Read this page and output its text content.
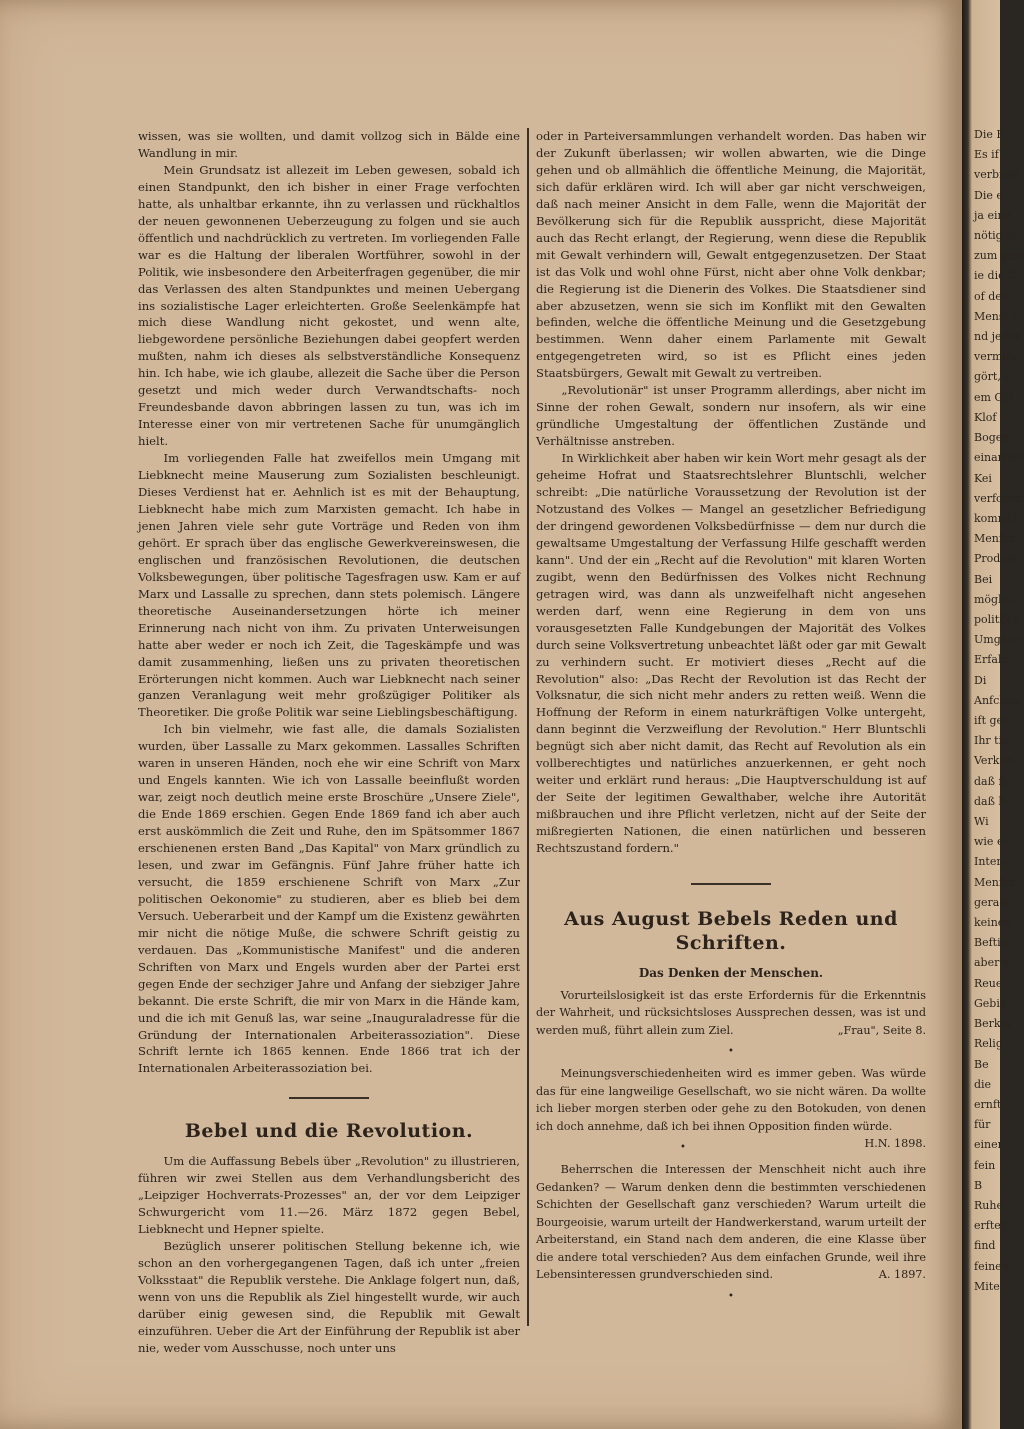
wissen, was sie wollten, und damit vollzog sich in Bälde eine Wandlung in mir.

Mein Grundsatz ist allezeit im Leben gewesen, sobald ich einen Standpunkt, den ich bisher in einer Frage verfochten hatte, als unhaltbar erkannte, ihn zu verlassen und rückhaltlos der neuen gewonnenen Ueberzeugung zu folgen und sie auch öffentlich und nachdrücklich zu vertreten. Im vorliegenden Falle war es die Haltung der liberalen Wortführer, sowohl in der Politik, wie insbesondere den Arbeiterfragen gegenüber, die mir das Verlassen des alten Standpunktes und meinen Uebergang ins sozialistische Lager erleichterten. Große Seelenkämpfe hat mich diese Wandlung nicht gekostet, und wenn alte, liebgewordene persönliche Beziehungen dabei geopfert werden mußten, nahm ich dieses als selbstverständliche Konsequenz hin. Ich habe, wie ich glaube, allezeit die Sache über die Person gesetzt und mich weder durch Verwandtschafts- noch Freundesbande davon abbringen lassen zu tun, was ich im Interesse einer von mir vertretenen Sache für unumgänglich hielt.

Im vorliegenden Falle hat zweifellos mein Umgang mit Liebknecht meine Mauserung zum Sozialisten beschleunigt. Dieses Verdienst hat er. Aehnlich ist es mit der Behauptung, Liebknecht habe mich zum Marxisten gemacht. Ich habe in jenen Jahren viele sehr gute Vorträge und Reden von ihm gehört. Er sprach über das englische Gewerkvereinswesen, die englischen und französischen Revolutionen, die deutschen Volksbewegungen, über politische Tagesfragen usw. Kam er auf Marx und Lassalle zu sprechen, dann stets polemisch. Längere theoretische Auseinandersetzungen hörte ich meiner Erinnerung nach nicht von ihm. Zu privaten Unterweisungen hatte aber weder er noch ich Zeit, die Tageskämpfe und was damit zusammenhing, ließen uns zu privaten theoretischen Erörterungen nicht kommen. Auch war Liebknecht nach seiner ganzen Veranlagung weit mehr großzügiger Politiker als Theoretiker. Die große Politik war seine Lieblingsbeschäftigung.

Ich bin vielmehr, wie fast alle, die damals Sozialisten wurden, über Lassalle zu Marx gekommen. Lassalles Schriften waren in unseren Händen, noch ehe wir eine Schrift von Marx und Engels kannten. Wie ich von Lassalle beeinflußt worden war, zeigt noch deutlich meine erste Broschüre „Unsere Ziele", die Ende 1869 erschien. Gegen Ende 1869 fand ich aber auch erst auskömmlich die Zeit und Ruhe, den im Spätsommer 1867 erschienenen ersten Band „Das Kapital" von Marx gründlich zu lesen, und zwar im Gefängnis. Fünf Jahre früher hatte ich versucht, die 1859 erschienene Schrift von Marx „Zur politischen Oekonomie" zu studieren, aber es blieb bei dem Versuch. Ueberarbeit und der Kampf um die Existenz gewährten mir nicht die nötige Muße, die schwere Schrift geistig zu verdauen. Das „Kommunistische Manifest" und die anderen Schriften von Marx und Engels wurden aber der Partei erst gegen Ende der sechziger Jahre und Anfang der siebziger Jahre bekannt. Die erste Schrift, die mir von Marx in die Hände kam, und die ich mit Genuß las, war seine „Inauguraladresse für die Gründung der Internationalen Arbeiterassoziation". Diese Schrift lernte ich 1865 kennen. Ende 1866 trat ich der Internationalen Arbeiterassoziation bei.

Bebel und die Revolution.

Um die Auffassung Bebels über „Revolution" zu illustrieren, führen wir zwei Stellen aus dem Verhandlungsbericht des „Leipziger Hochverrats-Prozesses" an, der vor dem Leipziger Schwurgericht vom 11.—26. März 1872 gegen Bebel, Liebknecht und Hepner spielte.

Bezüglich unserer politischen Stellung bekenne ich, wie schon an den vorhergegangenen Tagen, daß ich unter „freien Volksstaat" die Republik verstehe. Die Anklage folgert nun, daß, wenn von uns die Republik als Ziel hingestellt wurde, wir auch darüber einig gewesen sind, die Republik mit Gewalt einzuführen. Ueber die Art der Einführung der Republik ist aber nie, weder vom Ausschusse, noch unter uns

oder in Parteiversammlungen verhandelt worden. Das haben wir der Zukunft überlassen; wir wollen abwarten, wie die Dinge gehen und ob allmählich die öffentliche Meinung, die Majorität, sich dafür erklären wird. Ich will aber gar nicht verschweigen, daß nach meiner Ansicht in dem Falle, wenn die Majorität der Bevölkerung sich für die Republik ausspricht, diese Majorität auch das Recht erlangt, der Regierung, wenn diese die Republik mit Gewalt verhindern will, Gewalt entgegenzusetzen. Der Staat ist das Volk und wohl ohne Fürst, nicht aber ohne Volk denkbar; die Regierung ist die Dienerin des Volkes. Die Staatsdiener sind aber abzusetzen, wenn sie sich im Konflikt mit den Gewalten befinden, welche die öffentliche Meinung und die Gesetzgebung bestimmen. Wenn daher einem Parlamente mit Gewalt entgegengetreten wird, so ist es Pflicht eines jeden Staatsbürgers, Gewalt mit Gewalt zu vertreiben.

„Revolutionär" ist unser Programm allerdings, aber nicht im Sinne der rohen Gewalt, sondern nur insofern, als wir eine gründliche Umgestaltung der öffentlichen Zustände und Verhältnisse anstreben.

In Wirklichkeit aber haben wir kein Wort mehr gesagt als der geheime Hofrat und Staatsrechtslehrer Bluntschli, welcher schreibt: „Die natürliche Voraussetzung der Revolution ist der Notzustand des Volkes — Mangel an gesetzlicher Befriedigung der dringend gewordenen Volksbedürfnisse — dem nur durch die gewaltsame Umgestaltung der Verfassung Hilfe geschafft werden kann". Und der ein „Recht auf die Revolution" mit klaren Worten zugibt, wenn den Bedürfnissen des Volkes nicht Rechnung getragen wird, was dann als unzweifelhaft nicht angesehen werden darf, wenn eine Regierung in dem von uns vorausgesetzten Falle Kundgebungen der Majorität des Volkes durch seine Volksvertretung unbeachtet läßt oder gar mit Gewalt zu verhindern sucht. Er motiviert dieses „Recht auf die Revolution" also: „Das Recht der Revolution ist das Recht der Volksnatur, die sich nicht mehr anders zu retten weiß. Wenn die Hoffnung der Reform in einem naturkräftigen Volke untergeht, dann beginnt die Verzweiflung der Revolution." Herr Bluntschli begnügt sich aber nicht damit, das Recht auf Revolution als ein vollberechtigtes und natürliches anzuerkennen, er geht noch weiter und erklärt rund heraus: „Die Hauptverschuldung ist auf der Seite der legitimen Gewalthaber, welche ihre Autorität mißbrauchen und ihre Pflicht verletzen, nicht auf der Seite der mißregierten Nationen, die einen natürlichen und besseren Rechtszustand fordern."

Aus August Bebels Reden und Schriften.
Das Denken der Menschen.

Vorurteilslosigkeit ist das erste Erfordernis für die Erkenntnis der Wahrheit, und rücksichtsloses Aussprechen dessen, was ist und werden muß, führt allein zum Ziel.	„Frau", Seite 8.

•

Meinungsverschiedenheiten wird es immer geben. Was würde das für eine langweilige Gesellschaft, wo sie nicht wären. Da wollte ich lieber morgen sterben oder gehe zu den Botokuden, von denen ich doch annehme, daß ich bei ihnen Opposition finden würde.
H.N. 1898.

•

Beherrschen die Interessen der Menschheit nicht auch ihre Gedanken? — Warum denken denn die bestimmten verschiedenen Schichten der Gesellschaft ganz verschieden? Warum urteilt die Bourgeoisie, warum urteilt der Handwerkerstand, warum urteilt der Arbeiterstand, ein Stand nach dem anderen, die eine Klasse über die andere total verschieden? Aus dem einfachen Grunde, weil ihre Lebensinteressen grundverschieden sind.	A. 1897.

•
Die R
Es if
verbreit
Die e
ja eine
nötig it
zum gele
ie die C
of dem
Mens- v
nd jedes
vermilu
gört, i
em Gei
Klof
Bogen
einander
Kei
verfchre
kommt)
Menfch
Produkt
Bei
möglich
politifch
Umgang
Erfahr
Di
Anfchau
ift gefl
Ihr tie
Verkeh
daß fo
daß b
Wi
wie ei
Intere
Menfch
gerade
keines
Beftiu
aber a
Reue
Gebie
Berkla
Relig
Be
die
ernfti
für
einer
fein
B
Ruhe
erfter
find
feinen
Mite
